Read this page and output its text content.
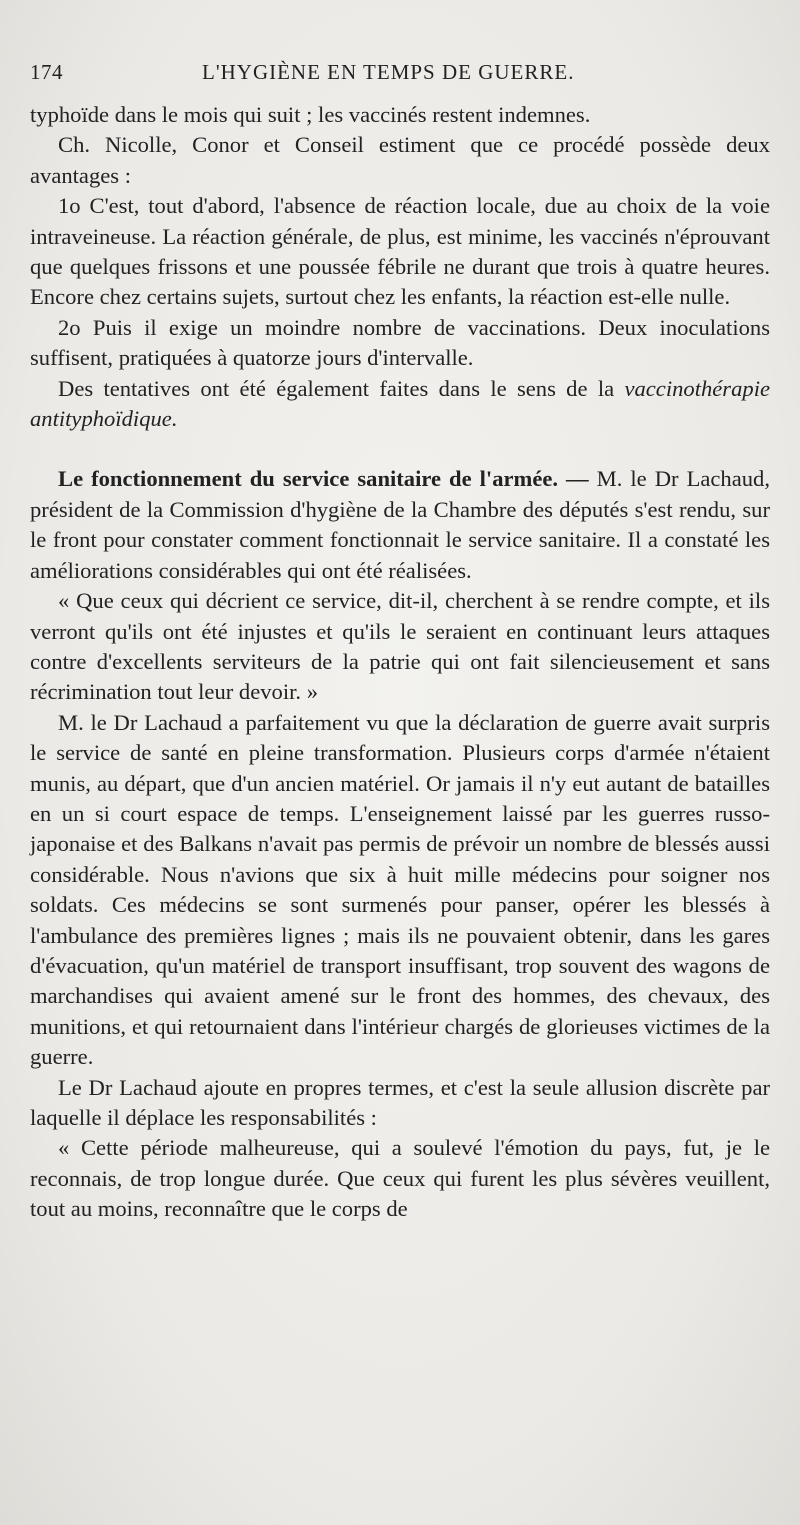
174	L'HYGIÈNE EN TEMPS DE GUERRE.

typhoïde dans le mois qui suit ; les vaccinés restent indemnes.

Ch. Nicolle, Conor et Conseil estiment que ce procédé possède deux avantages :

1o C'est, tout d'abord, l'absence de réaction locale, due au choix de la voie intraveineuse. La réaction générale, de plus, est minime, les vaccinés n'éprouvant que quelques frissons et une poussée fébrile ne durant que trois à quatre heures. Encore chez certains sujets, surtout chez les enfants, la réaction est-elle nulle.

2o Puis il exige un moindre nombre de vaccinations. Deux inoculations suffisent, pratiquées à quatorze jours d'intervalle.

Des tentatives ont été également faites dans le sens de la vaccinothérapie antityphoïdique.

Le fonctionnement du service sanitaire de l'armée. — M. le Dr Lachaud, président de la Commission d'hygiène de la Chambre des députés s'est rendu, sur le front pour constater comment fonctionnait le service sanitaire. Il a constaté les améliorations considérables qui ont été réalisées.

« Que ceux qui décrient ce service, dit-il, cherchent à se rendre compte, et ils verront qu'ils ont été injustes et qu'ils le seraient en continuant leurs attaques contre d'excellents serviteurs de la patrie qui ont fait silencieusement et sans récrimination tout leur devoir. »

M. le Dr Lachaud a parfaitement vu que la déclaration de guerre avait surpris le service de santé en pleine transformation. Plusieurs corps d'armée n'étaient munis, au départ, que d'un ancien matériel. Or jamais il n'y eut autant de batailles en un si court espace de temps. L'enseignement laissé par les guerres russo-japonaise et des Balkans n'avait pas permis de prévoir un nombre de blessés aussi considérable. Nous n'avions que six à huit mille médecins pour soigner nos soldats. Ces médecins se sont surmenés pour panser, opérer les blessés à l'ambulance des premières lignes ; mais ils ne pouvaient obtenir, dans les gares d'évacuation, qu'un matériel de transport insuffisant, trop souvent des wagons de marchandises qui avaient amené sur le front des hommes, des chevaux, des munitions, et qui retournaient dans l'intérieur chargés de glorieuses victimes de la guerre.

Le Dr Lachaud ajoute en propres termes, et c'est la seule allusion discrète par laquelle il déplace les responsabilités :

« Cette période malheureuse, qui a soulevé l'émotion du pays, fut, je le reconnais, de trop longue durée. Que ceux qui furent les plus sévères veuillent, tout au moins, reconnaître que le corps de
